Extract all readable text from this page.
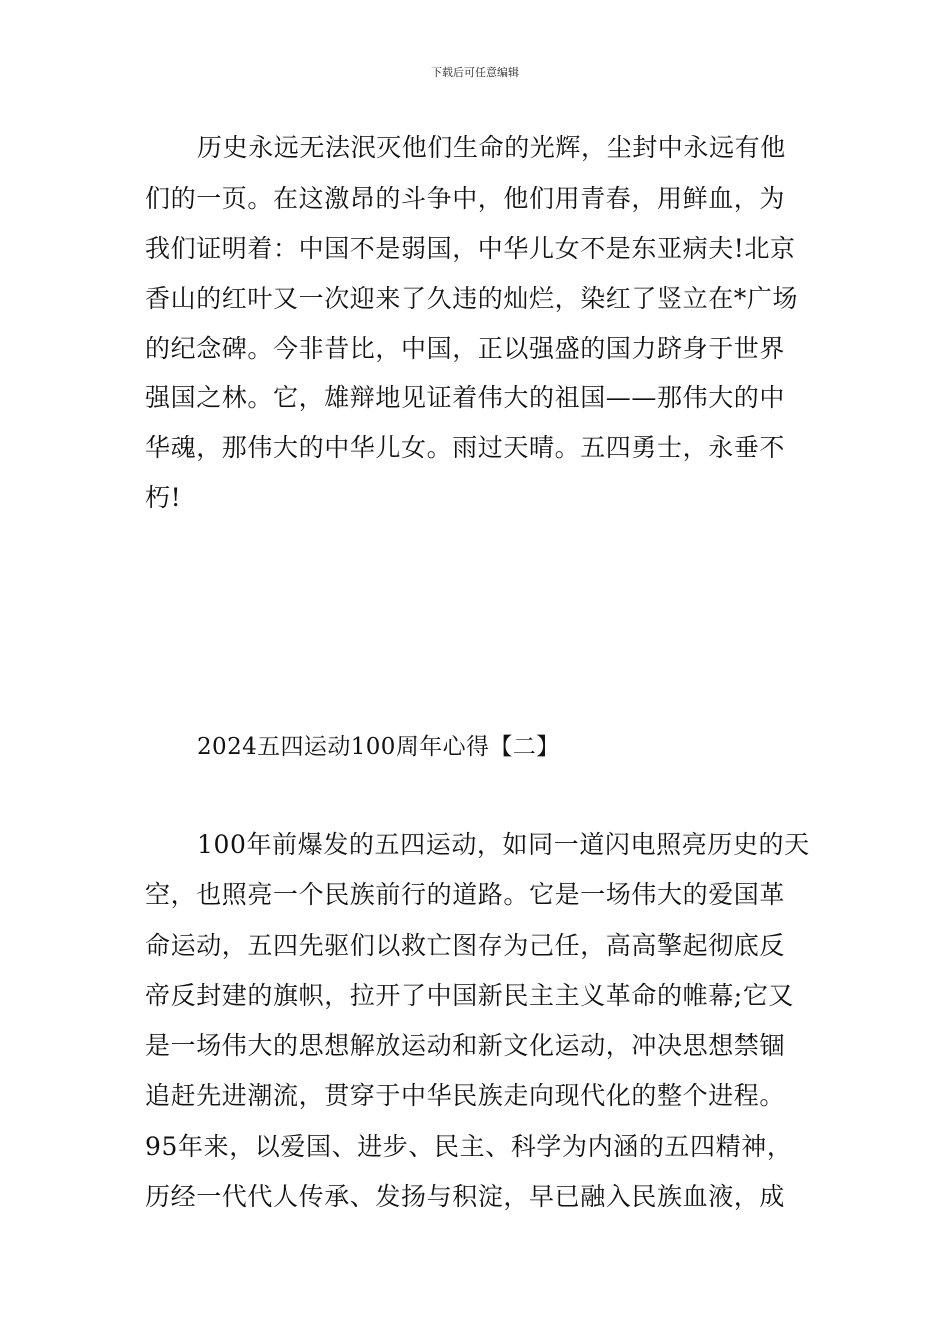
下载后可任意编辑
历史永远无法泯灭他们生命的光辉，尘封中永远有他
们的一页。在这激昂的斗争中，他们用青春，用鲜血，为
我们证明着：中国不是弱国，中华儿女不是东亚病夫!北京
香山的红叶又一次迎来了久违的灿烂，染红了竖立在*广场
的纪念碑。今非昔比，中国，正以强盛的国力跻身于世界
强国之林。它，雄辩地见证着伟大的祖国——那伟大的中
华魂，那伟大的中华儿女。雨过天晴。五四勇士，永垂不
朽!
2024五四运动100周年心得【二】
100年前爆发的五四运动，如同一道闪电照亮历史的天
空，也照亮一个民族前行的道路。它是一场伟大的爱国革
命运动，五四先驱们以救亡图存为己任，高高擎起彻底反
帝反封建的旗帜，拉开了中国新民主主义革命的帷幕;它又
是一场伟大的思想解放运动和新文化运动，冲决思想禁锢
追赶先进潮流，贯穿于中华民族走向现代化的整个进程。
95年来，以爱国、进步、民主、科学为内涵的五四精神，
历经一代代人传承、发扬与积淀，早已融入民族血液，成
